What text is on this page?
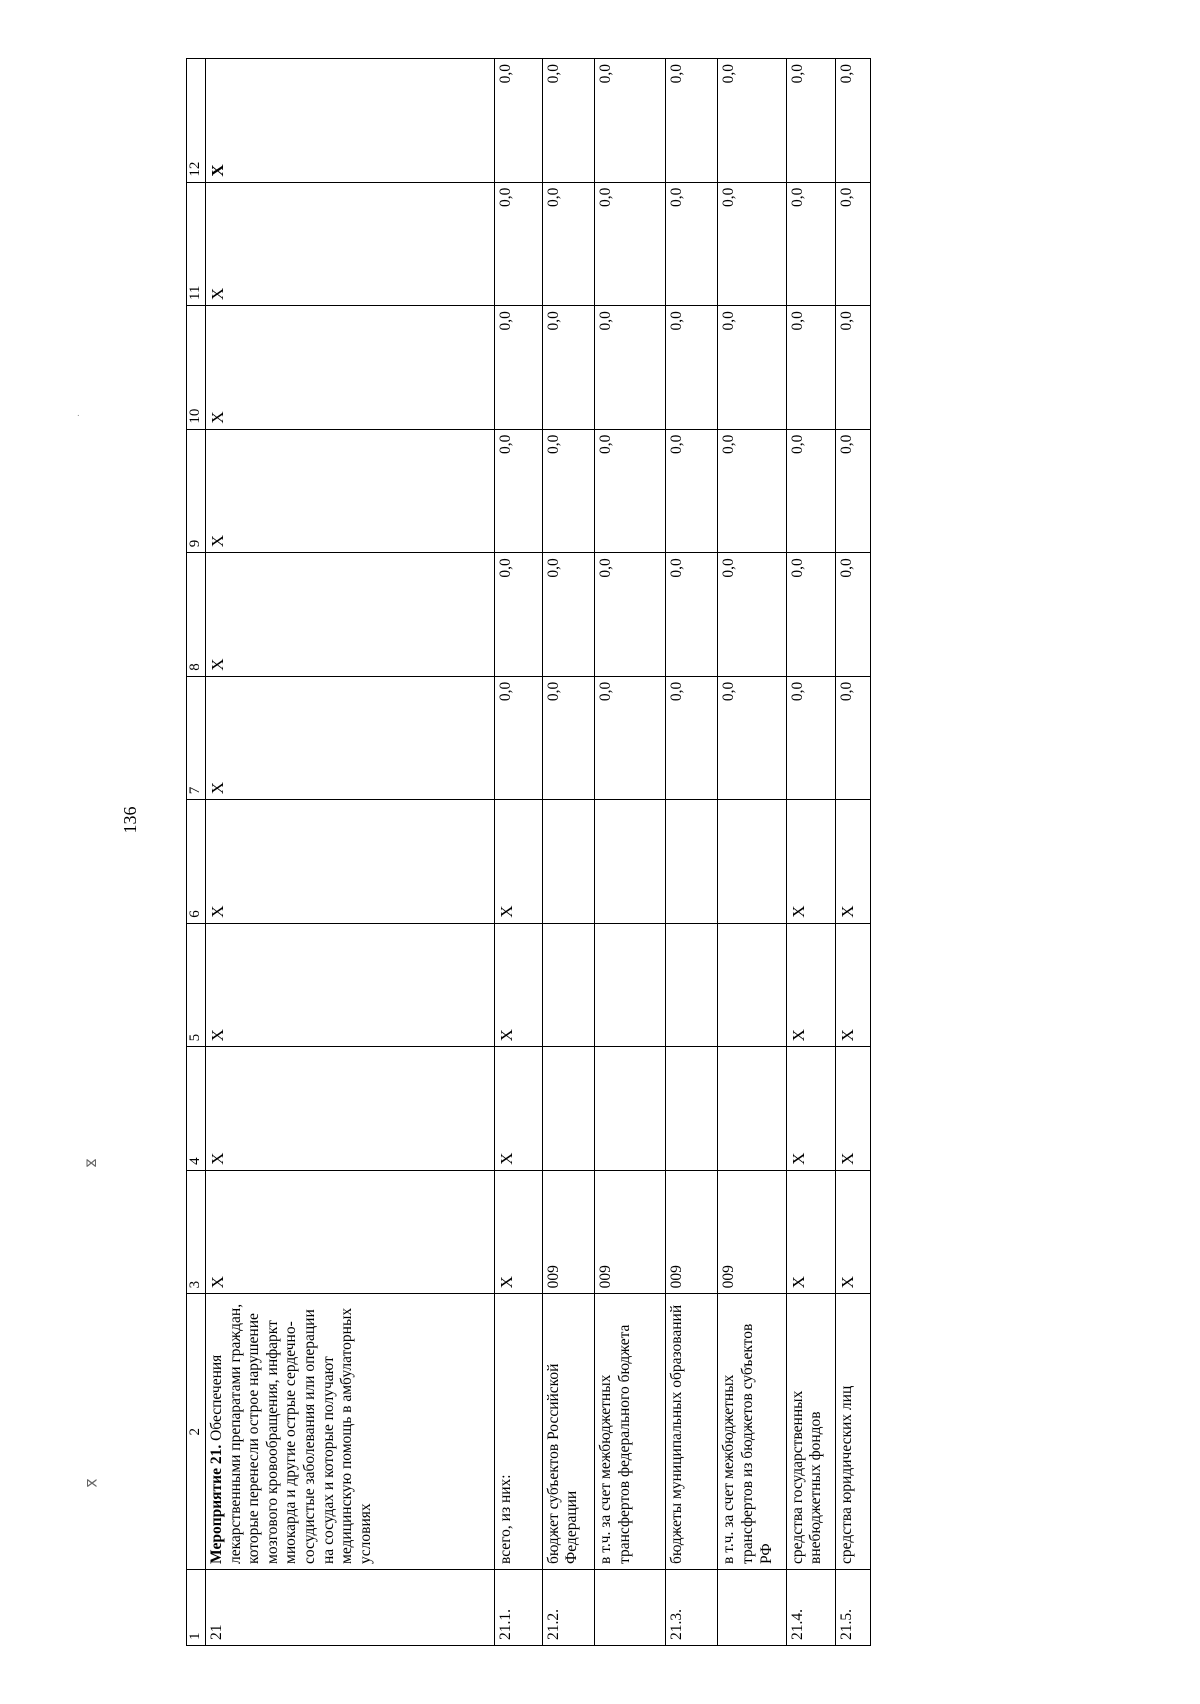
136
ⴵ
ⴳ
·
1	2	3	4	5	6	7	8	9	10	11	12
21	Мероприятие 21. Обеспечения лекарственными препаратами граждан, которые перенесли острое нарушение мозгового кровообращения, инфаркт миокарда и другие острые сердечно-сосудистые заболевания или операции на сосудах и которые получают медицинскую помощь в амбулаторных условиях	X	X	X	X	X	X	X	X	X	X
21.1.	всего, из них:	X	X	X	X	0,0	0,0	0,0	0,0	0,0	0,0
21.2.	бюджет субъектов Российской Федерации	009				0,0	0,0	0,0	0,0	0,0	0,0
	в т.ч. за счет межбюджетных трансфертов федерального бюджета	009				0,0	0,0	0,0	0,0	0,0	0,0
21.3.	бюджеты муниципальных образований	009				0,0	0,0	0,0	0,0	0,0	0,0
	в т.ч. за счет межбюджетных трансфертов из бюджетов субъектов РФ	009				0,0	0,0	0,0	0,0	0,0	0,0
21.4.	средства государственных внебюджетных фондов	X	X	X	X	0,0	0,0	0,0	0,0	0,0	0,0
21.5.	средства юридических лиц	X	X	X	X	0,0	0,0	0,0	0,0	0,0	0,0
